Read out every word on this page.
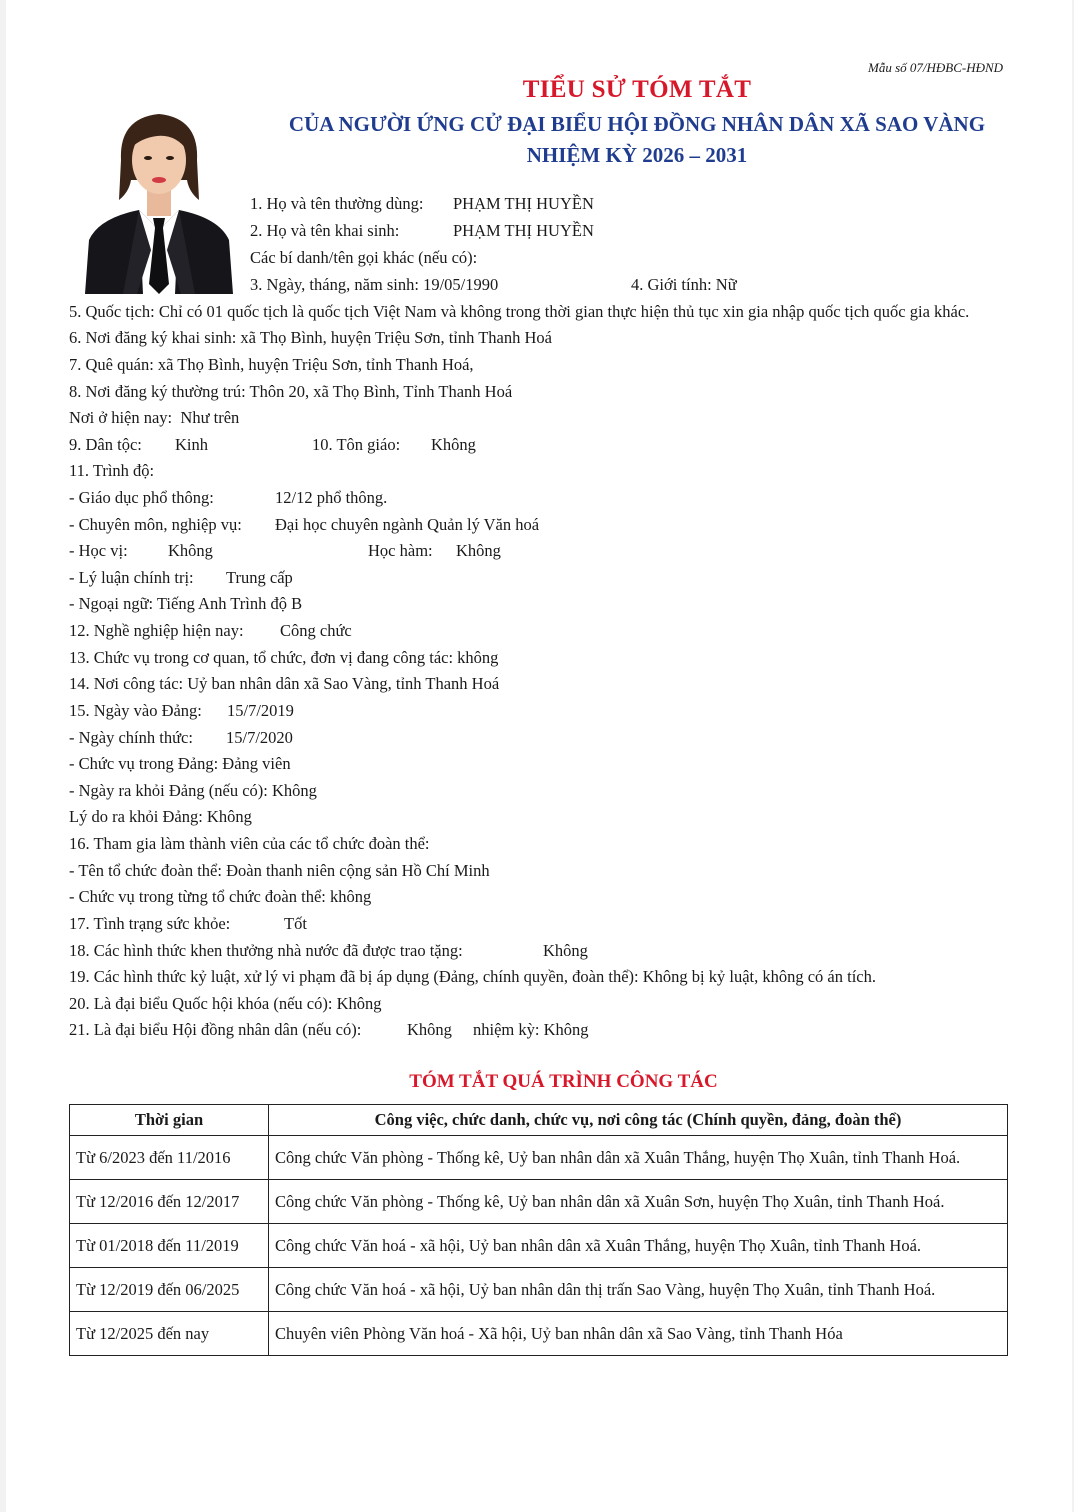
Mẫu số 07/HĐBC-HĐND
TIỂU SỬ TÓM TẮT
CỦA NGƯỜI ỨNG CỬ ĐẠI BIỂU HỘI ĐỒNG NHÂN DÂN XÃ SAO VÀNG
NHIỆM KỲ 2026 – 2031
1. Họ và tên thường dùng: PHẠM THỊ HUYỀN
2. Họ và tên khai sinh:	PHẠM THỊ HUYỀN
Các bí danh/tên gọi khác (nếu có):
3. Ngày, tháng, năm sinh: 19/05/1990	4. Giới tính: Nữ
5. Quốc tịch: Chỉ có 01 quốc tịch là quốc tịch Việt Nam và không trong thời gian thực hiện thủ tục xin gia nhập quốc tịch quốc gia khác.
6. Nơi đăng ký khai sinh: xã Thọ Bình, huyện Triệu Sơn, tỉnh Thanh Hoá
7. Quê quán: xã Thọ Bình, huyện Triệu Sơn, tỉnh Thanh Hoá,
8. Nơi đăng ký thường trú: Thôn 20, xã Thọ Bình, Tỉnh Thanh Hoá
Nơi ở hiện nay: Như trên
9. Dân tộc: Kinh	10. Tôn giáo: Không
11. Trình độ:
- Giáo dục phổ thông:	12/12 phổ thông.
- Chuyên môn, nghiệp vụ: Đại học chuyên ngành Quản lý Văn hoá
- Học vị: Không	Học hàm: Không
- Lý luận chính trị: Trung cấp
- Ngoại ngữ: Tiếng Anh Trình độ B
12. Nghề nghiệp hiện nay: Công chức
13. Chức vụ trong cơ quan, tổ chức, đơn vị đang công tác: không
14. Nơi công tác: Uỷ ban nhân dân xã Sao Vàng, tỉnh Thanh Hoá
15. Ngày vào Đảng: 15/7/2019
- Ngày chính thức: 15/7/2020
- Chức vụ trong Đảng: Đảng viên
- Ngày ra khỏi Đảng (nếu có): Không
Lý do ra khỏi Đảng: Không
16. Tham gia làm thành viên của các tổ chức đoàn thể:
- Tên tổ chức đoàn thể: Đoàn thanh niên cộng sản Hồ Chí Minh
- Chức vụ trong từng tổ chức đoàn thể: không
17. Tình trạng sức khỏe:	Tốt
18. Các hình thức khen thưởng nhà nước đã được trao tặng:	Không
19. Các hình thức kỷ luật, xử lý vi phạm đã bị áp dụng (Đảng, chính quyền, đoàn thể): Không bị kỷ luật, không có án tích.
20. Là đại biểu Quốc hội khóa (nếu có): Không
21. Là đại biểu Hội đồng nhân dân (nếu có):	Không nhiệm kỳ: Không
TÓM TẮT QUÁ TRÌNH CÔNG TÁC
Thời gian	Công việc, chức danh, chức vụ, nơi công tác (Chính quyền, đảng, đoàn thể)
Từ 6/2023 đến 11/2016	Công chức Văn phòng - Thống kê, Uỷ ban nhân dân xã Xuân Thắng, huyện Thọ Xuân, tỉnh Thanh Hoá.
Từ 12/2016 đến 12/2017	Công chức Văn phòng - Thống kê, Uỷ ban nhân dân xã Xuân Sơn, huyện Thọ Xuân, tỉnh Thanh Hoá.
Từ 01/2018 đến 11/2019	Công chức Văn hoá - xã hội, Uỷ ban nhân dân xã Xuân Thắng, huyện Thọ Xuân, tỉnh Thanh Hoá.
Từ 12/2019 đến 06/2025	Công chức Văn hoá - xã hội, Uỷ ban nhân dân thị trấn Sao Vàng, huyện Thọ Xuân, tỉnh Thanh Hoá.
Từ 12/2025 đến nay	Chuyên viên Phòng Văn hoá - Xã hội, Uỷ ban nhân dân xã Sao Vàng, tỉnh Thanh Hóa
